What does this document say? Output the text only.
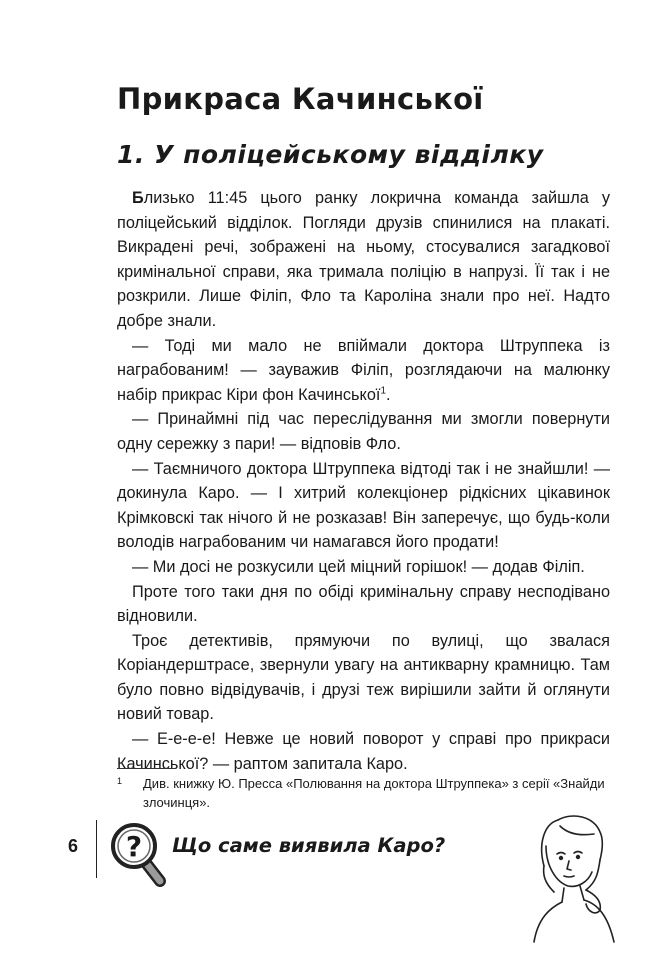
Прикраса Качинської
1. У поліцейському відділку

Близько 11:45 цього ранку локрична команда зайшла у поліцейський відділок. Погляди друзів спинилися на плакаті. Викрадені речі, зображені на ньому, стосувалися загадкової кримінальної справи, яка тримала поліцію в напрузі. Її так і не розкрили. Лише Філіп, Фло та Кароліна знали про неї. Надто добре знали.

— Тоді ми мало не впіймали доктора Штруппека із награбованим! — зауважив Філіп, розглядаючи на малюнку набір прикрас Кіри фон Качинської$^1$.

— Принаймні під час переслідування ми змогли повернути одну сережку з пари! — відповів Фло.

— Таємничого доктора Штруппека відтоді так і не знайшли! — докинула Каро. — І хитрий колекціонер рідкісних цікавинок Крімковскі так нічого й не розказав! Він заперечує, що будь-коли володів награбованим чи намагався його продати!

— Ми досі не розкусили цей міцний горішок! — додав Філіп.

Проте того таки дня по обіді кримінальну справу несподівано відновили.

Троє детективів, прямуючи по вулиці, що звалася Коріандерштрасе, звернули увагу на антикварну крамницю. Там було повно відвідувачів, і друзі теж вирішили зайти й оглянути новий товар.

— Е-е-е-е! Невже це новий поворот у справі про прикраси Качинської? — раптом запитала Каро.

1 Див. книжку Ю. Пресса «Полювання на доктора Штруппека» з серії «Знайди злочинця».
6 ? Що саме виявила Каро?
